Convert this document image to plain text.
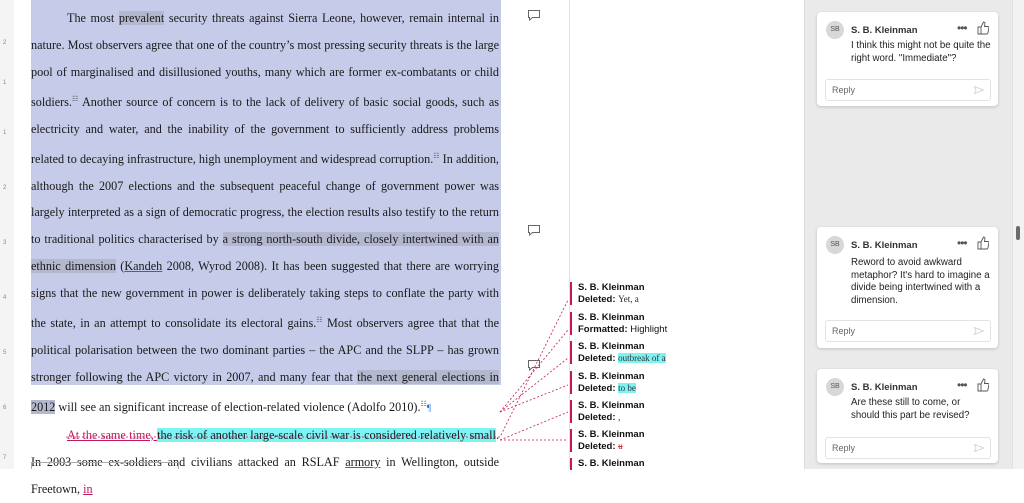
2
1
1
2
3
4
5
6
7

The most prevalent security threats against Sierra Leone, however, remain internal in nature. Most observers agree that one of the country’s most pressing security threats is the large pool of marginalised and disillusioned youths, many which are former ex-combatants or child soldiers.☷ Another source of concern is to the lack of delivery of basic social goods, such as electricity and water, and the inability of the government to sufficiently address problems related to decaying infrastructure, high unemployment and widespread corruption.☷ In addition, although the 2007 elections and the subsequent peaceful change of government power was largely interpreted as a sign of democratic progress, the election results also testify to the return to traditional politics characterised by a strong north-south divide, closely intertwined with an ethnic dimension (Kandeh 2008, Wyrod 2008). It has been suggested that there are worrying signs that the new government in power is deliberately taking steps to conflate the party with the state, in an attempt to consolidate its electoral gains.☷ Most observers agree that that the political polarisation between the two dominant parties – the APC and the SLPP – has grown stronger following the APC victory in 2007, and many fear that the next general elections in 2012 will see an significant increase of election-related violence (Adolfo 2010).☷¶

At the same time, the risk of another large-scale civil war is considered relatively small. In 2003 some ex-soldiers and civilians attacked an RSLAF armory in Wellington, outside Freetown, in

S. B. Kleinman
Deleted: Yet, a
S. B. Kleinman
Formatted: Highlight
S. B. Kleinman
Deleted: outbreak of a
S. B. Kleinman
Deleted: to be
S. B. Kleinman
Deleted: ,
S. B. Kleinman
Deleted: u
S. B. Kleinman
SB	S. B. Kleinman	•••
I think this might not be quite the right word. "Immediate"?
Reply
SB	S. B. Kleinman	•••
Reword to avoid awkward metaphor? It's hard to imagine a divide being intertwined with a dimension.
Reply
SB	S. B. Kleinman	•••
Are these still to come, or should this part be revised?
Reply
